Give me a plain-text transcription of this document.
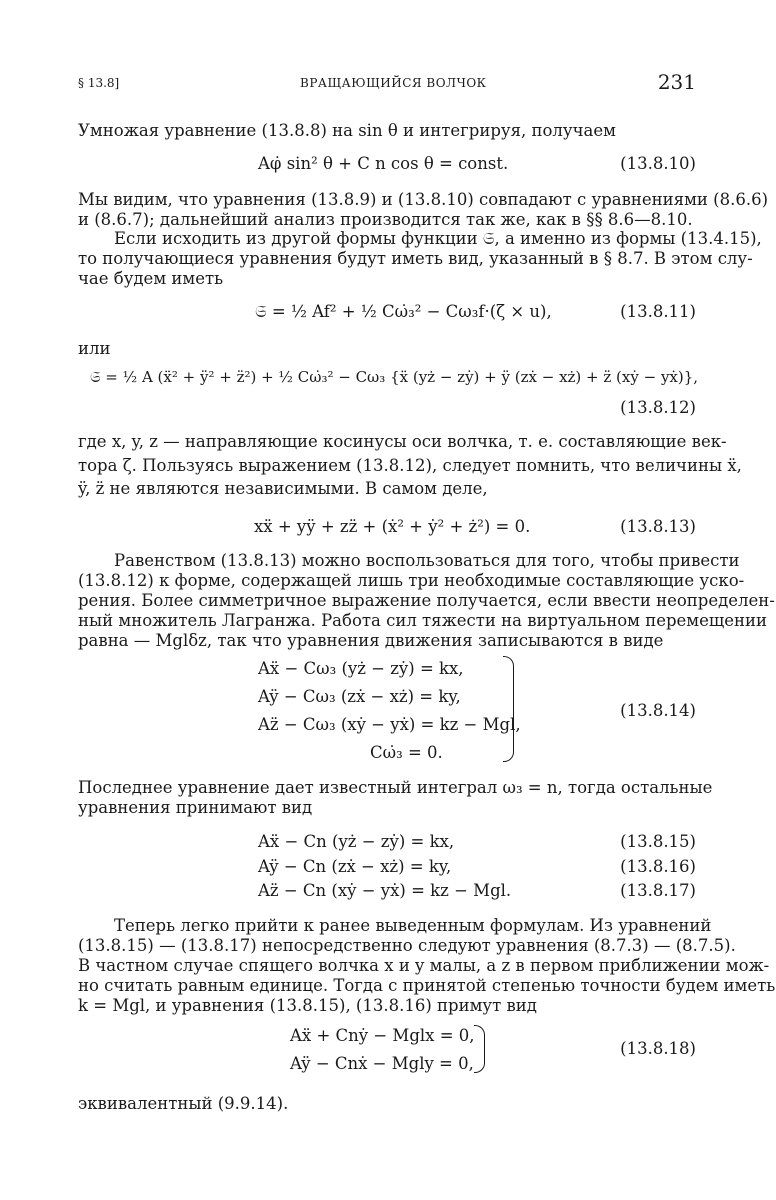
§ 13.8]	ВРАЩАЮЩИЙСЯ ВОЛЧОК	231
Умножая уравнение (13.8.8) на sin θ и интегрируя, получаем
Aφ̇ sin² θ + C n cos θ = const.	(13.8.10)
Мы видим, что уравнения (13.8.9) и (13.8.10) совпадают с уравнениями (8.6.6)
и (8.6.7); дальнейший анализ производится так же, как в §§ 8.6—8.10.
Если исходить из другой формы функции 𝔖, а именно из формы (13.4.15),
то получающиеся уравнения будут иметь вид, указанный в § 8.7. В этом слу-
чае будем иметь
𝔖 = ½ Af² + ½ Cω̇₃² − Cω₃f·(ζ × u),	(13.8.11)
или
𝔖 = ½ A (ẍ² + ÿ² + z̈²) + ½ Cω̇₃² − Cω₃ {ẍ (yż − zẏ) + ÿ (zẋ − xż) + z̈ (xẏ − yẋ)},
(13.8.12)
где x, y, z — направляющие косинусы оси волчка, т. е. составляющие век-
тора ζ. Пользуясь выражением (13.8.12), следует помнить, что величины ẍ,
ÿ, z̈ не являются независимыми. В самом деле,
xẍ + yÿ + zz̈ + (ẋ² + ẏ² + ż²) = 0.	(13.8.13)
Равенством (13.8.13) можно воспользоваться для того, чтобы привести
(13.8.12) к форме, содержащей лишь три необходимые составляющие уско-
рения. Более симметричное выражение получается, если ввести неопределен-
ный множитель Лагранжа. Работа сил тяжести на виртуальном перемещении
равна — Mglδz, так что уравнения движения записываются в виде
Aẍ − Cω₃ (yż − zẏ) = kx,
Aÿ − Cω₃ (zẋ − xż) = ky,
Az̈ − Cω₃ (xẏ − yẋ) = kz − Mgl,
Cω̇₃ = 0.
(13.8.14)
Последнее уравнение дает известный интеграл ω₃ = n, тогда остальные
уравнения принимают вид
Aẍ − Cn (yż − zẏ) = kx,	(13.8.15)
Aÿ − Cn (zẋ − xż) = ky,	(13.8.16)
Az̈ − Cn (xẏ − yẋ) = kz − Mgl.	(13.8.17)
Теперь легко прийти к ранее выведенным формулам. Из уравнений
(13.8.15) — (13.8.17) непосредственно следуют уравнения (8.7.3) — (8.7.5).
В частном случае спящего волчка x и y малы, а z в первом приближении мож-
но считать равным единице. Тогда с принятой степенью точности будем иметь
k = Mgl, и уравнения (13.8.15), (13.8.16) примут вид
Aẍ + Cnẏ − Mglx = 0,
Aÿ − Cnẋ − Mgly = 0,
(13.8.18)
эквивалентный (9.9.14).
